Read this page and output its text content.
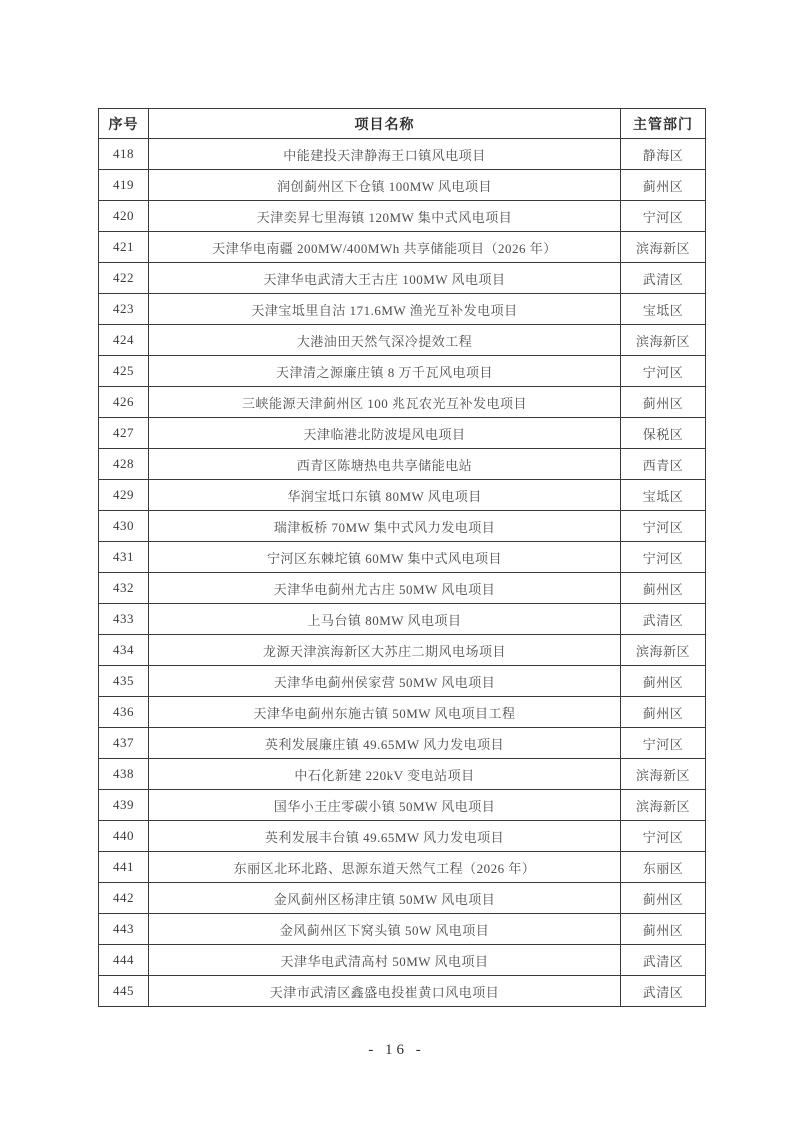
序号	项目名称	主管部门
418	中能建投天津静海王口镇风电项目	静海区
419	润创蓟州区下仓镇 100MW 风电项目	蓟州区
420	天津奕昇七里海镇 120MW 集中式风电项目	宁河区
421	天津华电南疆 200MW/400MWh 共享储能项目（2026 年）	滨海新区
422	天津华电武清大王古庄 100MW 风电项目	武清区
423	天津宝坻里自沽 171.6MW 渔光互补发电项目	宝坻区
424	大港油田天然气深冷提效工程	滨海新区
425	天津清之源廉庄镇 8 万千瓦风电项目	宁河区
426	三峡能源天津蓟州区 100 兆瓦农光互补发电项目	蓟州区
427	天津临港北防波堤风电项目	保税区
428	西青区陈塘热电共享储能电站	西青区
429	华润宝坻口东镇 80MW 风电项目	宝坻区
430	瑞津板桥 70MW 集中式风力发电项目	宁河区
431	宁河区东棘坨镇 60MW 集中式风电项目	宁河区
432	天津华电蓟州尤古庄 50MW 风电项目	蓟州区
433	上马台镇 80MW 风电项目	武清区
434	龙源天津滨海新区大苏庄二期风电场项目	滨海新区
435	天津华电蓟州侯家营 50MW 风电项目	蓟州区
436	天津华电蓟州东施古镇 50MW 风电项目工程	蓟州区
437	英利发展廉庄镇 49.65MW 风力发电项目	宁河区
438	中石化新建 220kV 变电站项目	滨海新区
439	国华小王庄零碳小镇 50MW 风电项目	滨海新区
440	英利发展丰台镇 49.65MW 风力发电项目	宁河区
441	东丽区北环北路、思源东道天然气工程（2026 年）	东丽区
442	金风蓟州区杨津庄镇 50MW 风电项目	蓟州区
443	金风蓟州区下窝头镇 50W 风电项目	蓟州区
444	天津华电武清高村 50MW 风电项目	武清区
445	天津市武清区鑫盛电投崔黄口风电项目	武清区
- 16 -
